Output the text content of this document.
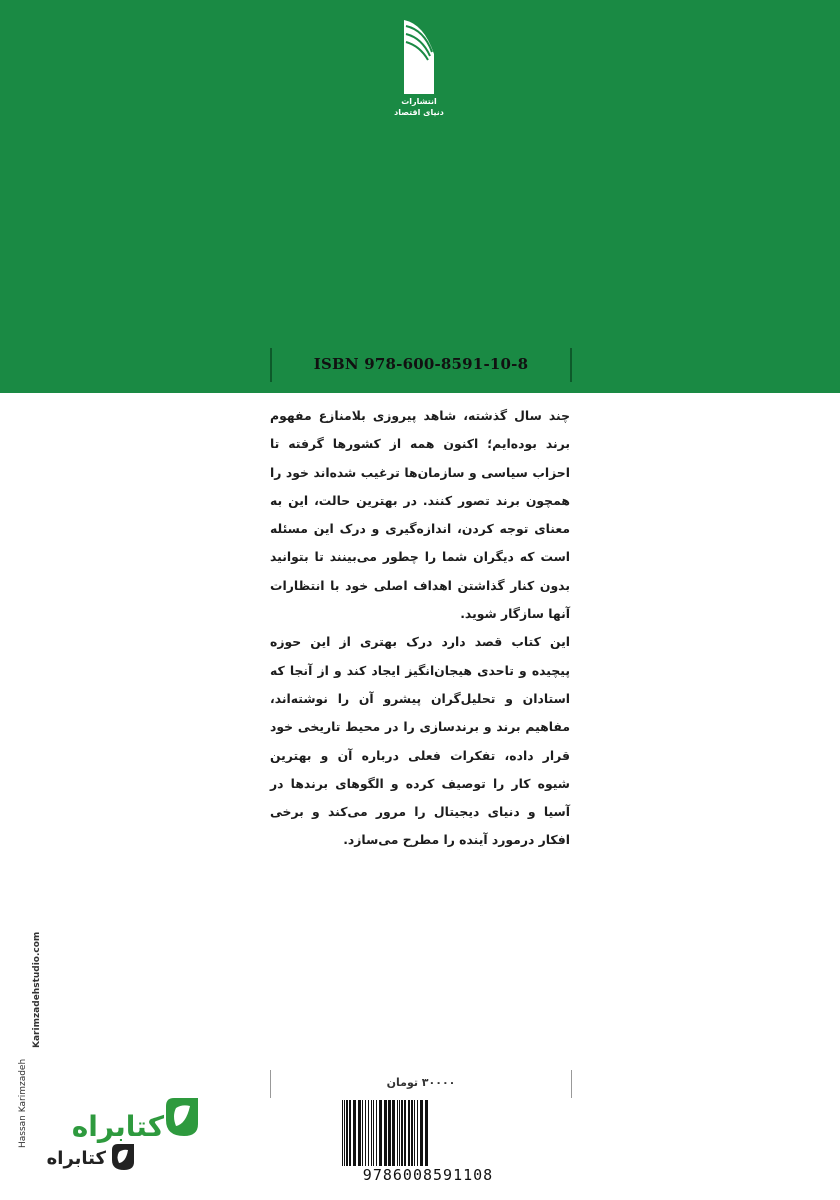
انتشارات
دنیای اقتصاد
ISBN 978-600-8591-10-8

چند سال گذشته، شاهد پیروزی بلامنازع مفهوم برند بوده‌ایم؛ اکنون همه از کشورها گرفته تا احزاب سیاسی و سازمان‌ها ترغیب شده‌اند خود را همچون برند تصور کنند. در بهترین حالت، این به معنای توجه کردن، اندازه‌گیری و درک این مسئله است که دیگران شما را چطور می‌بینند تا بتوانید بدون کنار گذاشتن اهداف اصلی خود با انتظارات آنها سازگار شوید.

این کتاب قصد دارد درک بهتری از این حوزه پیچیده و تاحدی هیجان‌انگیز ایجاد کند و از آنجا که استادان و تحلیل‌گران پیشرو آن را نوشته‌اند، مفاهیم برند و برندسازی را در محیط تاریخی خود قرار داده، تفکرات فعلی درباره آن و بهترین شیوه کار را توصیف کرده و الگوهای برندها در آسیا و دنیای دیجیتال را مرور می‌کند و برخی افکار درمورد آینده را مطرح می‌سازد.

Hassan Karimzadeh
Karimzadehstudio.com
۳۰۰۰۰ تومان
9786008591108
کتابراه
کتابراه
